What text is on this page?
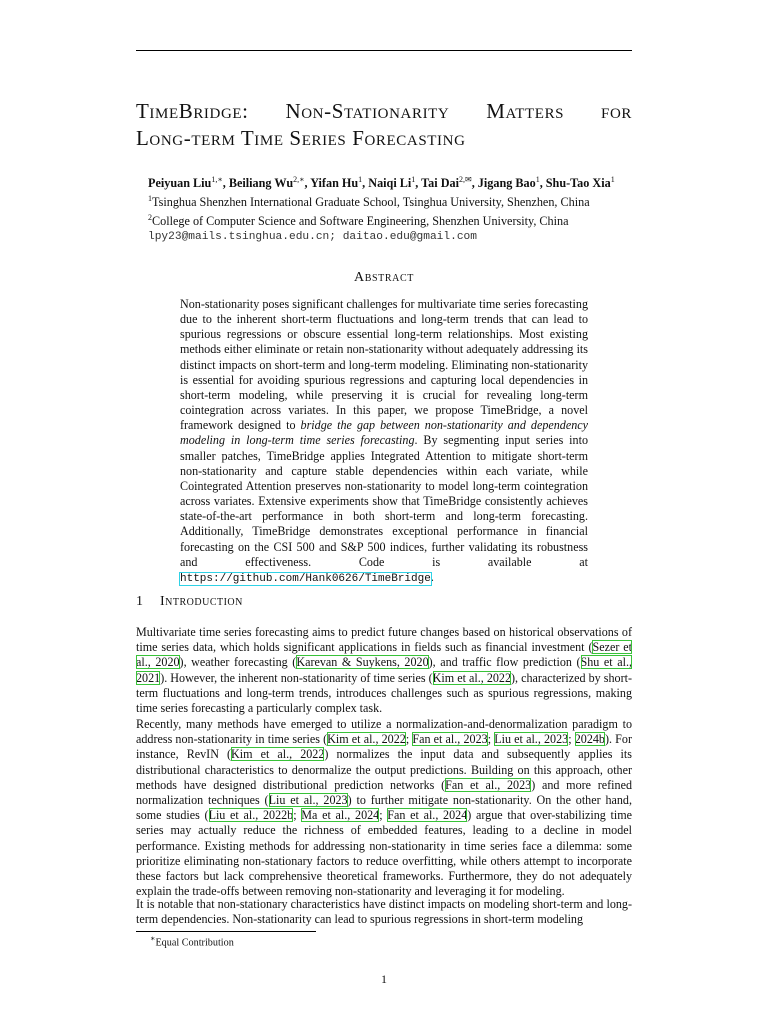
TimeBridge: Non-Stationarity Matters for
Long-term Time Series Forecasting
Peiyuan Liu$^{1,∗}$, Beiliang $Wu^{2,∗}$, Yifan Hu$^1$, Naiqi Li$^1$, Tai Dai$^{2,✉}$, Jigang Bao$^1$, Shu-Tao Xia$^1$
$^1$Tsinghua Shenzhen International Graduate School, Tsinghua University, Shenzhen, China
$^2$College of Computer Science and Software Engineering, Shenzhen University, China
lpy23@mails.tsinghua.edu.cn; daitao.edu@gmail.com
Abstract

Non-stationarity poses significant challenges for multivariate time series forecasting due to the inherent short-term fluctuations and long-term trends that can lead to spurious regressions or obscure essential long-term relationships. Most existing methods either eliminate or retain non-stationarity without adequately addressing its distinct impacts on short-term and long-term modeling. Eliminating non-stationarity is essential for avoiding spurious regressions and capturing local dependencies in short-term modeling, while preserving it is crucial for revealing long-term cointegration across variates. In this paper, we propose TimeBridge, a novel framework designed to bridge the gap between non-stationarity and dependency modeling in long-term time series forecasting. By segmenting input series into smaller patches, TimeBridge applies Integrated Attention to mitigate short-term non-stationarity and capture stable dependencies within each variate, while Cointegrated Attention preserves non-stationarity to model long-term cointegration across variates. Extensive experiments show that TimeBridge consistently achieves state-of-the-art performance in both short-term and long-term forecasting. Additionally, TimeBridge demonstrates exceptional performance in financial forecasting on the CSI 500 and S&P 500 indices, further validating its robustness and effectiveness. Code is available at https://github.com/Hank0626/TimeBridge.

1 Introduction

Multivariate time series forecasting aims to predict future changes based on historical observations of time series data, which holds significant applications in fields such as financial investment (Sezer et al., 2020), weather forecasting (Karevan & Suykens, 2020), and traffic flow prediction (Shu et al., 2021). However, the inherent non-stationarity of time series (Kim et al., 2022), characterized by short-term fluctuations and long-term trends, introduces challenges such as spurious regressions, making time series forecasting a particularly complex task.

Recently, many methods have emerged to utilize a normalization-and-denormalization paradigm to address non-stationarity in time series (Kim et al., 2022; Fan et al., 2023; Liu et al., 2023; 2024b). For instance, RevIN (Kim et al., 2022) normalizes the input data and subsequently applies its distributional characteristics to denormalize the output predictions. Building on this approach, other methods have designed distributional prediction networks (Fan et al., 2023) and more refined normalization techniques (Liu et al., 2023) to further mitigate non-stationarity. On the other hand, some studies (Liu et al., 2022b; Ma et al., 2024; Fan et al., 2024) argue that over-stabilizing time series may actually reduce the richness of embedded features, leading to a decline in model performance. Existing methods for addressing non-stationarity in time series face a dilemma: some prioritize eliminating non-stationary factors to reduce overfitting, while others attempt to incorporate these factors but lack comprehensive theoretical frameworks. Furthermore, they do not adequately explain the trade-offs between removing non-stationarity and leveraging it for modeling.

It is notable that non-stationary characteristics have distinct impacts on modeling short-term and long-term dependencies. Non-stationarity can lead to spurious regressions in short-term modeling

∗Equal Contribution
1
